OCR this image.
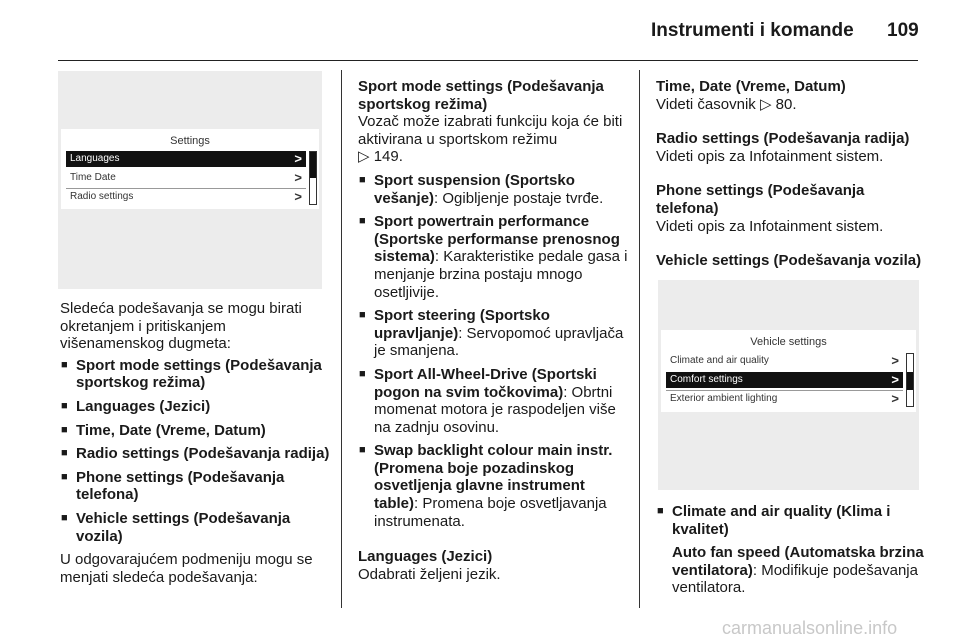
Instrumenti i komande 109
Settings
Languages	>
Time Date	>
Radio settings	>

Sledeća podešavanja se mogu birati okretanjem i pritiskanjem višenamenskog dugmeta:

■ Sport mode settings (Podešavanja sportskog režima)

■ Languages (Jezici)

■ Time, Date (Vreme, Datum)

■ Radio settings (Podešavanja radija)

■ Phone settings (Podešavanja telefona)

■ Vehicle settings (Podešavanja vozila)

U odgovarajućem podmeniju mogu se menjati sledeća podešavanja:

Sport mode settings (Podešavanja sportskog režima)

Vozač može izabrati funkciju koja će biti aktivirana u sportskom režimu
▷ 149.

■ Sport suspension (Sportsko vešanje): Ogibljenje postaje tvrđe.

■ Sport powertrain performance (Sportske performanse prenosnog sistema): Karakteristike pedale gasa i menjanje brzina postaju mnogo osetljivije.

■ Sport steering (Sportsko upravljanje): Servopomoć upravljača je smanjena.

■ Sport All-Wheel-Drive (Sportski pogon na svim točkovima): Obrtni momenat motora je raspodeljen više na zadnju osovinu.

■ Swap backlight colour main instr. (Promena boje pozadinskog osvetljenja glavne instrument table): Promena boje osvetljavanja instrumenata.

Languages (Jezici)

Odabrati željeni jezik.

Time, Date (Vreme, Datum)

Videti časovnik ▷ 80.

Radio settings (Podešavanja radija)

Videti opis za Infotainment sistem.

Phone settings (Podešavanja telefona)

Videti opis za Infotainment sistem.

Vehicle settings (Podešavanja vozila)

Vehicle settings
Climate and air quality	>
Comfort settings	>
Exterior ambient lighting	>

■ Climate and air quality (Klima i kvalitet)

Auto fan speed (Automatska brzina ventilatora): Modifikuje podešavanja ventilatora.

carmanualsonline.info
